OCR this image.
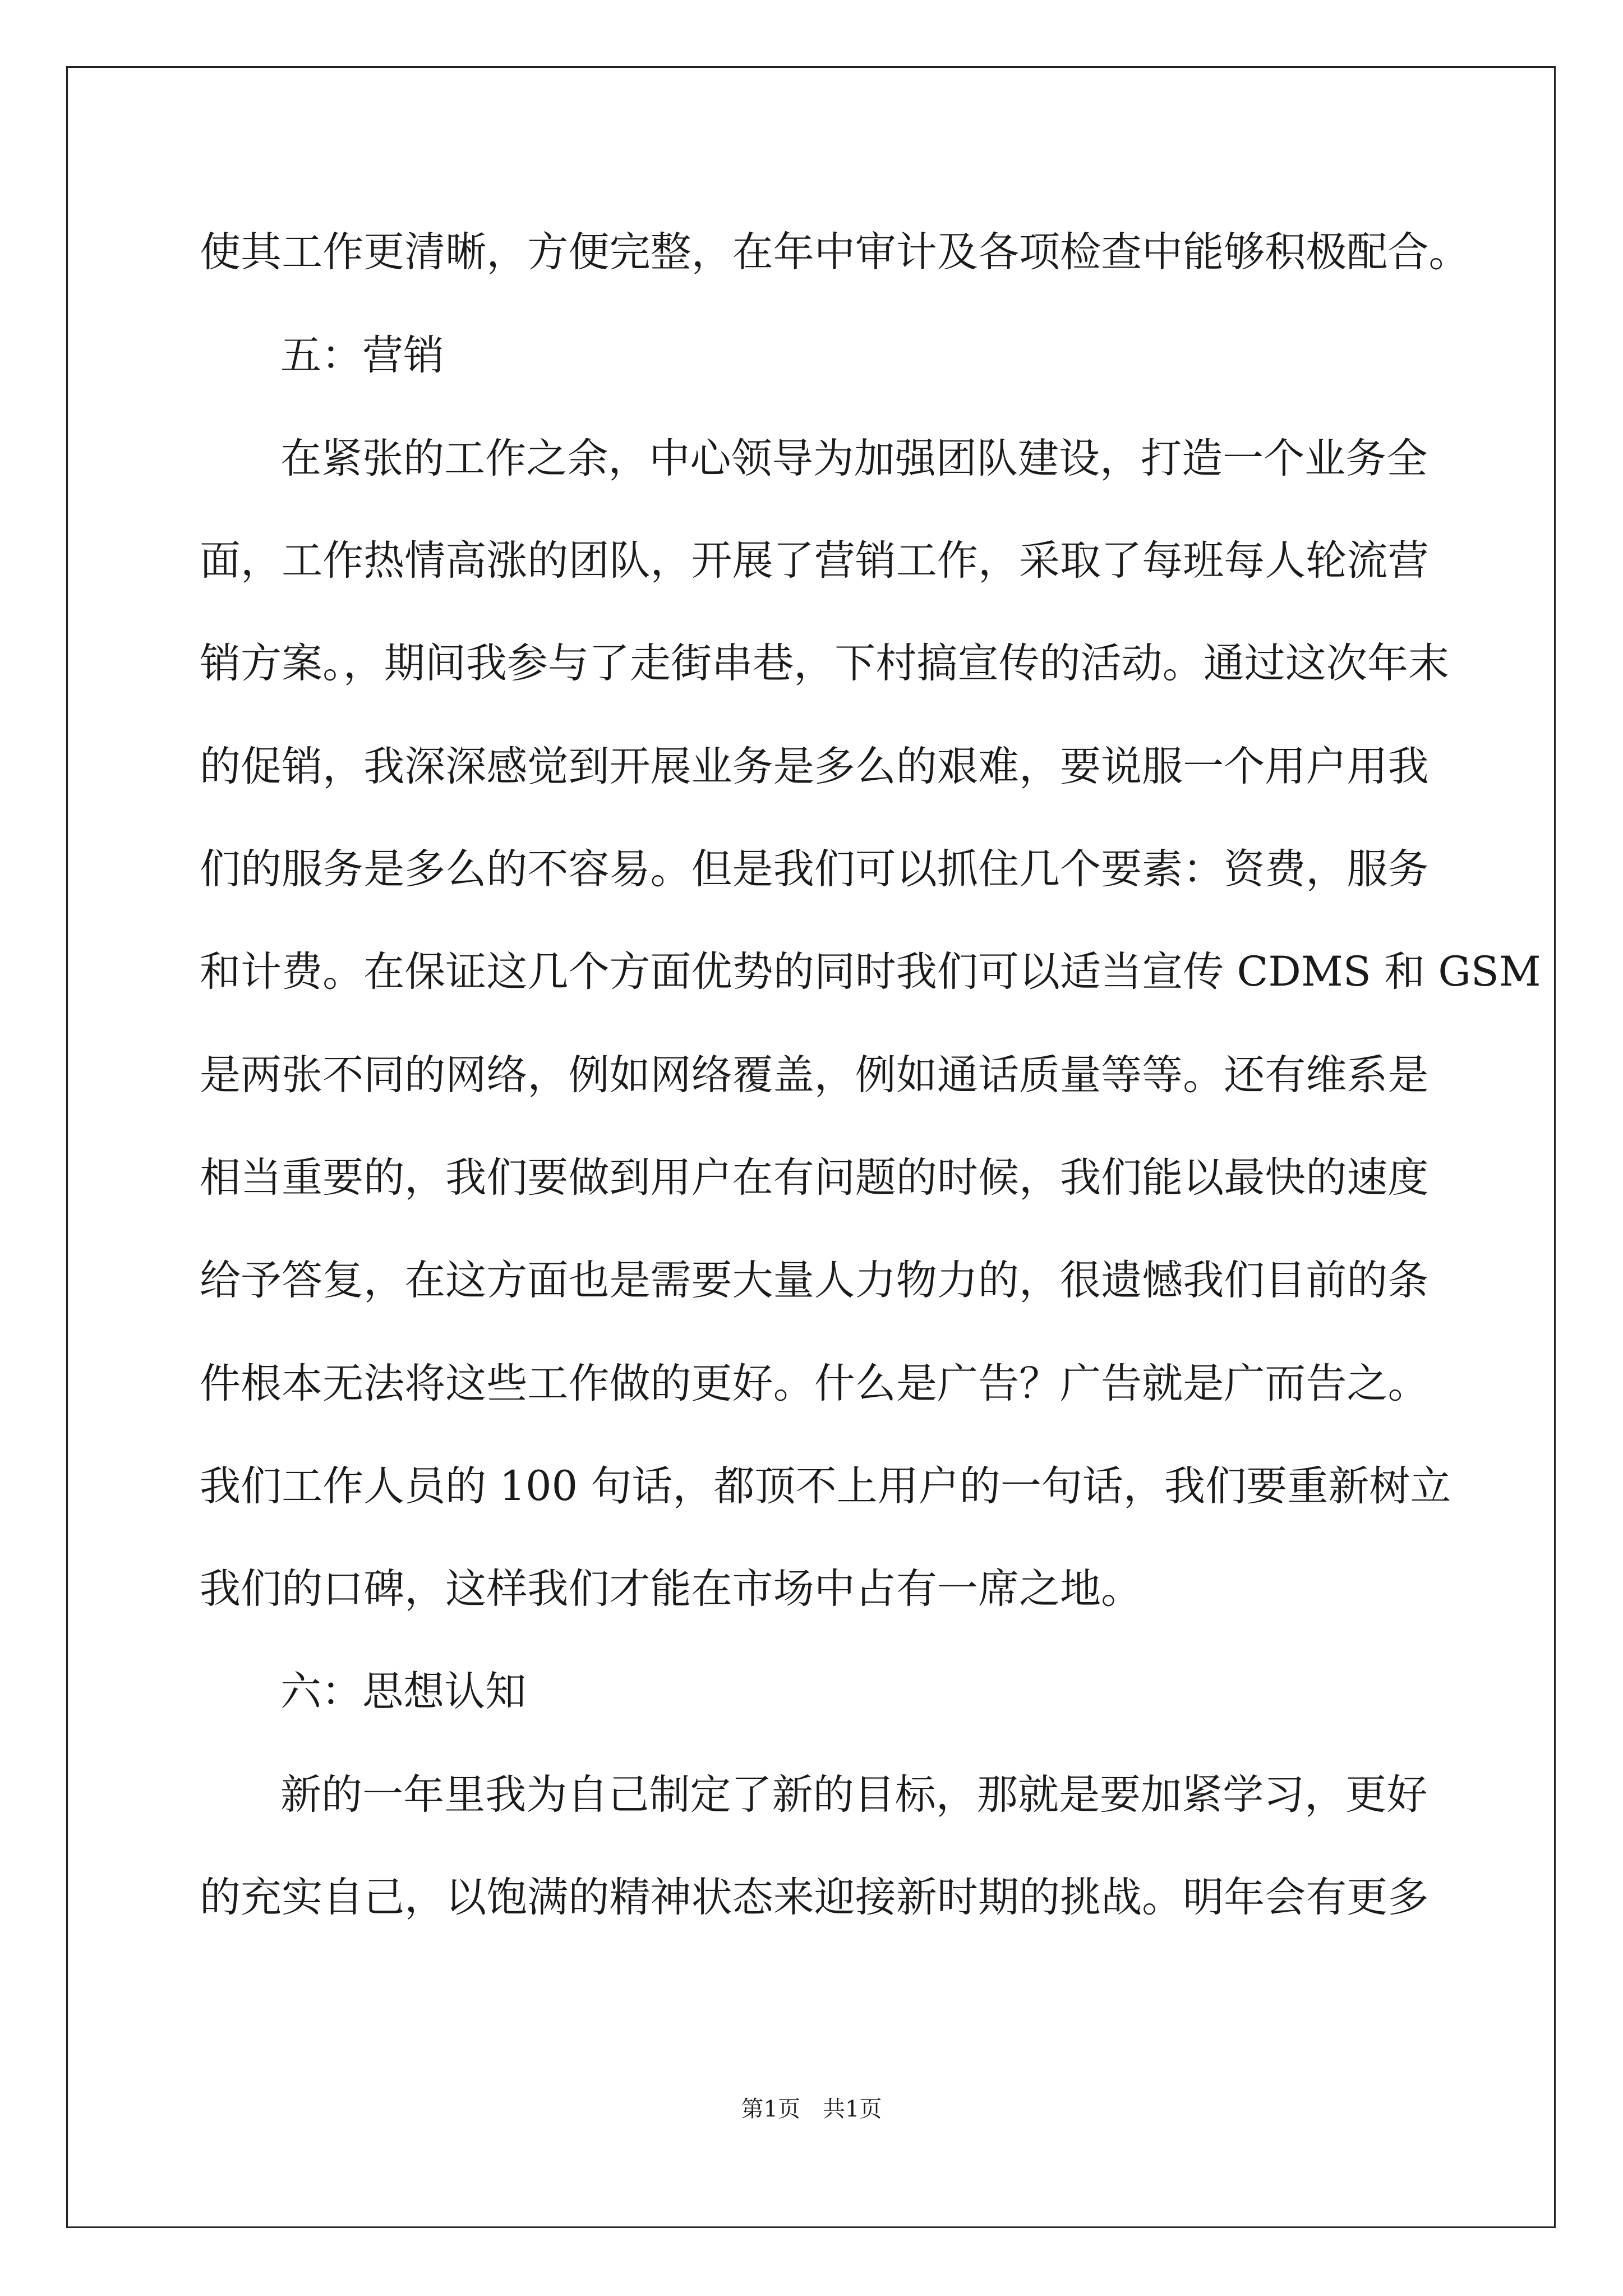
使其工作更清晰，方便完整，在年中审计及各项检查中能够积极配合。
五：营销
在紧张的工作之余，中心领导为加强团队建设，打造一个业务全
面，工作热情高涨的团队，开展了营销工作，采取了每班每人轮流营
销方案。，期间我参与了走街串巷，下村搞宣传的活动。通过这次年末
的促销，我深深感觉到开展业务是多么的艰难，要说服一个用户用我
们的服务是多么的不容易。但是我们可以抓住几个要素：资费，服务
和计费。在保证这几个方面优势的同时我们可以适当宣传 CDMS 和 GSM
是两张不同的网络，例如网络覆盖，例如通话质量等等。还有维系是
相当重要的，我们要做到用户在有问题的时候，我们能以最快的速度
给予答复，在这方面也是需要大量人力物力的，很遗憾我们目前的条
件根本无法将这些工作做的更好。什么是广告？广告就是广而告之。
我们工作人员的 100 句话，都顶不上用户的一句话，我们要重新树立
我们的口碑，这样我们才能在市场中占有一席之地。
六：思想认知
新的一年里我为自己制定了新的目标，那就是要加紧学习，更好
的充实自己，以饱满的精神状态来迎接新时期的挑战。明年会有更多
第1页　共1页
